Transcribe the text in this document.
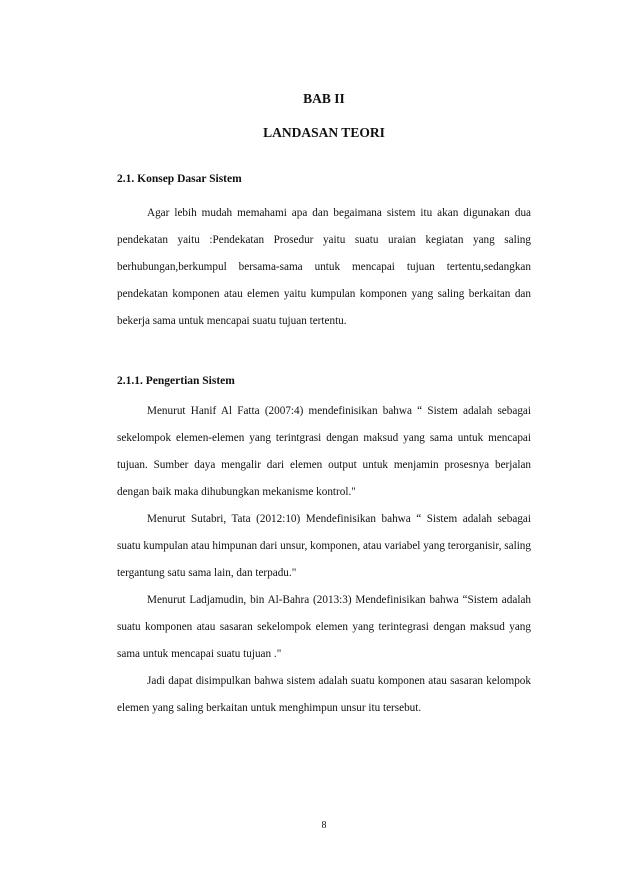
BAB II
LANDASAN TEORI
2.1. Konsep Dasar Sistem

Agar lebih mudah memahami apa dan begaimana sistem itu akan digunakan dua pendekatan yaitu :Pendekatan Prosedur yaitu suatu uraian kegiatan yang saling berhubungan,berkumpul bersama-sama untuk mencapai tujuan tertentu,sedangkan pendekatan komponen atau elemen yaitu kumpulan komponen yang saling berkaitan dan bekerja sama untuk mencapai suatu tujuan tertentu.

2.1.1. Pengertian Sistem

Menurut Hanif Al Fatta (2007:4) mendefinisikan bahwa “ Sistem adalah sebagai sekelompok elemen-elemen yang terintgrasi dengan maksud yang sama untuk mencapai tujuan. Sumber daya mengalir dari elemen output untuk menjamin prosesnya berjalan dengan baik maka dihubungkan mekanisme kontrol."

Menurut Sutabri, Tata (2012:10) Mendefinisikan bahwa “ Sistem adalah sebagai suatu kumpulan atau himpunan dari unsur, komponen, atau variabel yang terorganisir, saling tergantung satu sama lain, dan terpadu."

Menurut Ladjamudin, bin Al-Bahra (2013:3) Mendefinisikan bahwa “Sistem adalah suatu komponen atau sasaran sekelompok elemen yang terintegrasi dengan maksud yang sama untuk mencapai suatu tujuan ."

Jadi dapat disimpulkan bahwa sistem adalah suatu komponen atau sasaran kelompok elemen yang saling berkaitan untuk menghimpun unsur itu tersebut.

8
